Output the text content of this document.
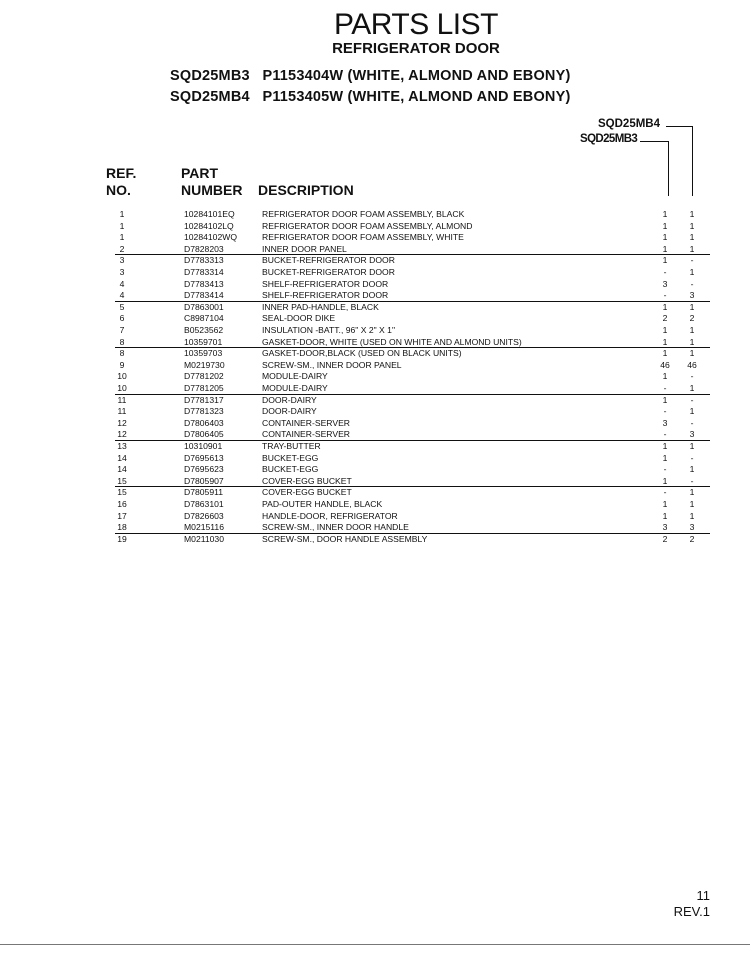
PARTS LIST
REFRIGERATOR DOOR
SQD25MB3   P1153404W (WHITE, ALMOND AND EBONY)
SQD25MB4   P1153405W (WHITE, ALMOND AND EBONY)
SQD25MB4
SQD25MB3
REF.
NO.
PART
NUMBER DESCRIPTION
1	10284101EQ	REFRIGERATOR DOOR FOAM ASSEMBLY, BLACK	1	1
1	10284102LQ	REFRIGERATOR DOOR FOAM ASSEMBLY, ALMOND	1	1
1	10284102WQ	REFRIGERATOR DOOR FOAM ASSEMBLY, WHITE	1	1
2	D7828203	INNER DOOR PANEL	1	1
3	D7783313	BUCKET-REFRIGERATOR DOOR	1	-
3	D7783314	BUCKET-REFRIGERATOR DOOR	-	1
4	D7783413	SHELF-REFRIGERATOR DOOR	3	-
4	D7783414	SHELF-REFRIGERATOR DOOR	-	3
5	D7863001	INNER PAD-HANDLE, BLACK	1	1
6	C8987104	SEAL-DOOR DIKE	2	2
7	B0523562	INSULATION -BATT., 96" X 2" X 1"	1	1
8	10359701	GASKET-DOOR, WHITE (USED ON WHITE AND ALMOND UNITS)	1	1
8	10359703	GASKET-DOOR,BLACK (USED ON BLACK UNITS)	1	1
9	M0219730	SCREW-SM., INNER DOOR PANEL	46	46
10	D7781202	MODULE-DAIRY	1	-
10	D7781205	MODULE-DAIRY	-	1
11	D7781317	DOOR-DAIRY	1	-
11	D7781323	DOOR-DAIRY	-	1
12	D7806403	CONTAINER-SERVER	3	-
12	D7806405	CONTAINER-SERVER	-	3
13	10310901	TRAY-BUTTER	1	1
14	D7695613	BUCKET-EGG	1	-
14	D7695623	BUCKET-EGG	-	1
15	D7805907	COVER-EGG BUCKET	1	-
15	D7805911	COVER-EGG BUCKET	-	1
16	D7863101	PAD-OUTER HANDLE, BLACK	1	1
17	D7826603	HANDLE-DOOR, REFRIGERATOR	1	1
18	M0215116	SCREW-SM., INNER DOOR HANDLE	3	3
19	M0211030	SCREW-SM., DOOR HANDLE ASSEMBLY	2	2
11
REV.1
